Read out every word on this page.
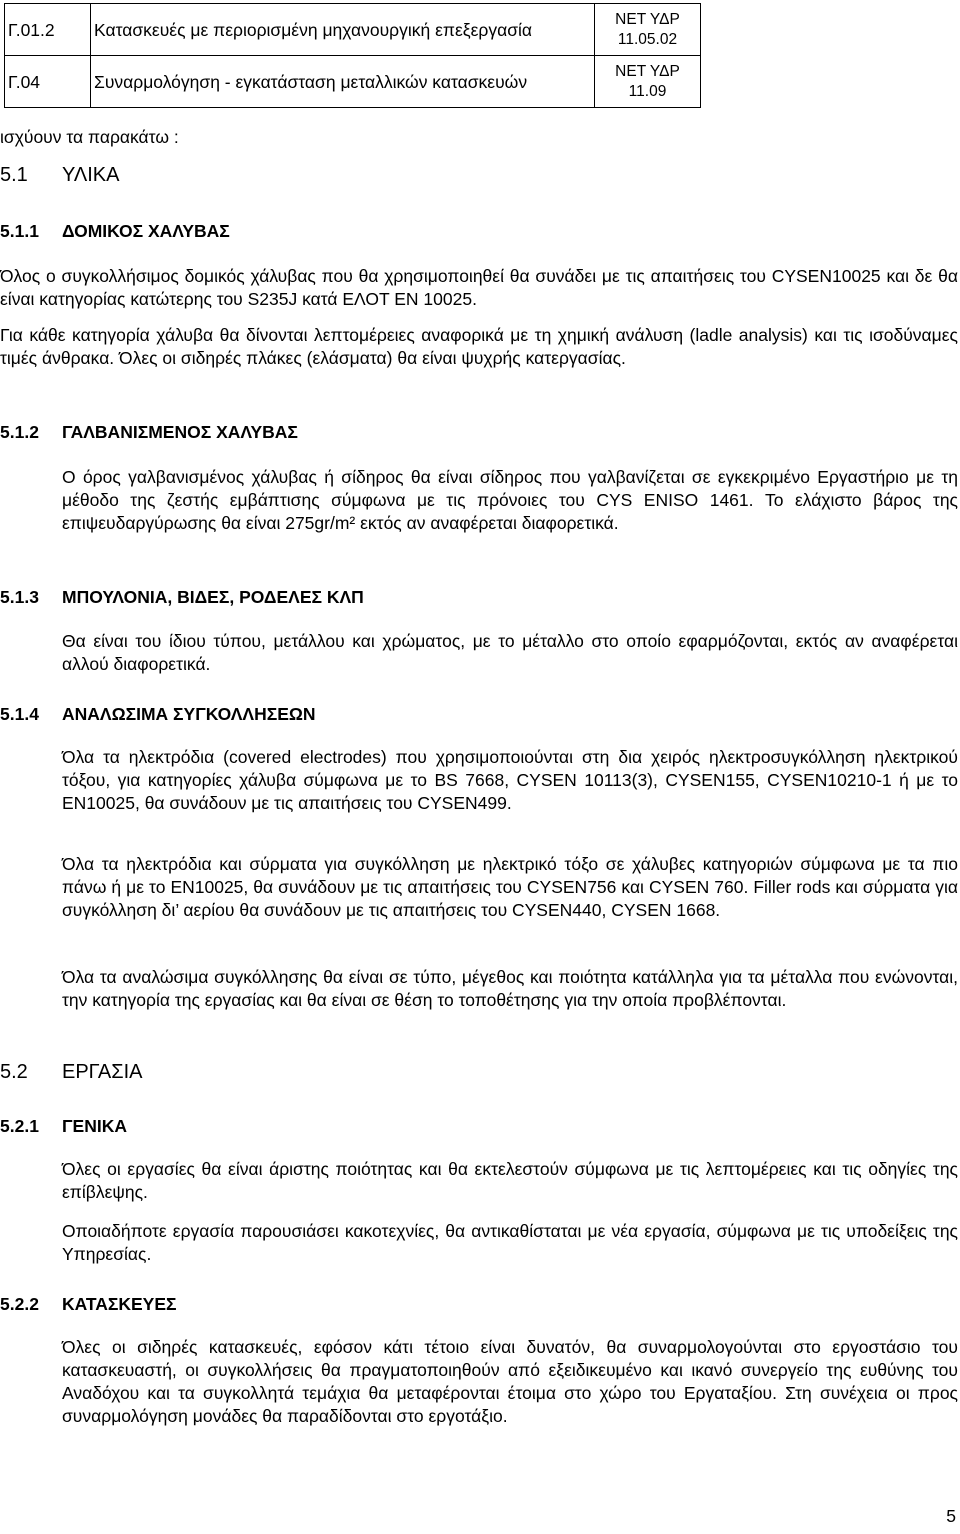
Γ.01.2	Κατασκευές με περιορισμένη μηχανουργική επεξεργασία	ΝΕΤ ΥΔΡ
11.05.02

Γ.04	Συναρμολόγηση - εγκατάσταση μεταλλικών κατασκευών	ΝΕΤ ΥΔΡ
11.09
ισχύουν τα παρακάτω :
5.1 ΥΛΙΚΑ
5.1.1 ΔΟΜΙΚΟΣ ΧΑΛΥΒΑΣ

Όλος ο συγκολλήσιμος δομικός χάλυβας που θα χρησιμοποιηθεί θα συνάδει με τις απαιτήσεις του CYSEN10025 και δε θα είναι κατηγορίας κατώτερης του S235J κατά ΕΛΟΤ ΕΝ 10025.

Για κάθε κατηγορία χάλυβα θα δίνονται λεπτομέρειες αναφορικά με τη χημική ανάλυση (ladle analysis) και τις ισοδύναμες τιμές άνθρακα. Όλες οι σιδηρές πλάκες (ελάσματα) θα είναι ψυχρής κατεργασίας.

5.1.2 ΓΑΛΒΑΝΙΣΜΕΝΟΣ ΧΑΛΥΒΑΣ

Ο όρος γαλβανισμένος χάλυβας ή σίδηρος θα είναι σίδηρος που γαλβανίζεται σε εγκεκριμένο Εργαστήριο με τη μέθοδο της ζεστής εμβάπτισης σύμφωνα με τις πρόνοιες του CYS ENISO 1461. Το ελάχιστο βάρος της επιψευδαργύρωσης θα είναι 275gr/m² εκτός αν αναφέρεται διαφορετικά.

5.1.3 ΜΠΟΥΛΟΝΙΑ, ΒΙΔΕΣ, ΡΟΔΕΛΕΣ ΚΛΠ

Θα είναι του ίδιου τύπου, μετάλλου και χρώματος, με το μέταλλο στο οποίο εφαρμόζονται, εκτός αν αναφέρεται αλλού διαφορετικά.

5.1.4 ΑΝΑΛΩΣΙΜΑ ΣΥΓΚΟΛΛΗΣΕΩΝ

Όλα τα ηλεκτρόδια (covered electrodes) που χρησιμοποιούνται στη δια χειρός ηλεκτροσυγκόλληση ηλεκτρικού τόξου, για κατηγορίες χάλυβα σύμφωνα με το BS 7668, CYSEN 10113(3), CYSEN155, CYSEN10210-1 ή με το EN10025, θα συνάδουν με τις απαιτήσεις του CYSEN499.

Όλα τα ηλεκτρόδια και σύρματα για συγκόλληση με ηλεκτρικό τόξο σε χάλυβες κατηγοριών σύμφωνα με τα πιο πάνω ή με το EN10025, θα συνάδουν με τις απαιτήσεις του CYSEN756 και CYSEN 760. Filler rods και σύρματα για συγκόλληση δι’ αερίου θα συνάδουν με τις απαιτήσεις του CYSEN440, CYSEN 1668.

Όλα τα αναλώσιμα συγκόλλησης θα είναι σε τύπο, μέγεθος και ποιότητα κατάλληλα για τα μέταλλα που ενώνονται, την κατηγορία της εργασίας και θα είναι σε θέση το τοποθέτησης για την οποία προβλέπονται.

5.2 ΕΡΓΑΣΙΑ
5.2.1 ΓΕΝΙΚΑ

Όλες οι εργασίες θα είναι άριστης ποιότητας και θα εκτελεστούν σύμφωνα με τις λεπτομέρειες και τις οδηγίες της επίβλεψης.

Οποιαδήποτε εργασία παρουσιάσει κακοτεχνίες, θα αντικαθίσταται με νέα εργασία, σύμφωνα με τις υποδείξεις της Υπηρεσίας.

5.2.2 ΚΑΤΑΣΚΕΥΕΣ

Όλες οι σιδηρές κατασκευές, εφόσον κάτι τέτοιο είναι δυνατόν, θα συναρμολογούνται στο εργοστάσιο του κατασκευαστή, οι συγκολλήσεις θα πραγματοποιηθούν από εξειδικευμένο και ικανό συνεργείο της ευθύνης του Αναδόχου και τα συγκολλητά τεμάχια θα μεταφέρονται έτοιμα στο χώρο του Εργαταξίου. Στη συνέχεια οι προς συναρμολόγηση μονάδες θα παραδίδονται στο εργοτάξιο.

5
